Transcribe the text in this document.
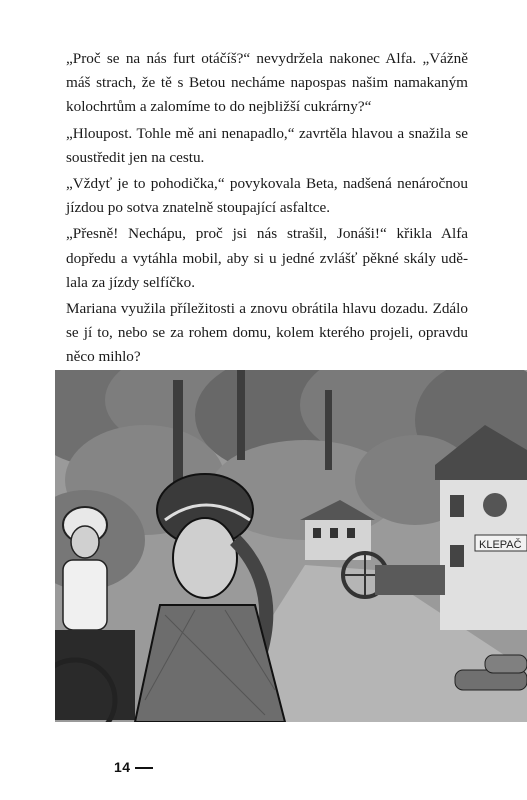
„Proč se na nás furt otáčíš?“ nevydržela nakonec Alfa. „Vážně máš strach, že tě s Betou necháme napospas našim namakaným kolochrtům a zalomíme to do nejbližší cukrárny?“

„Hloupost. Tohle mě ani nenapadlo,“ zavrtěla hlavou a snažila se soustředit jen na cestu.

„Vždyť je to pohodička,“ povykovala Beta, nadšená nenáročnou jízdou po sotva znatelně stoupající asfaltce.

„Přesně! Nechápu, proč jsi nás strašil, Jonáši!“ křikla Alfa dopředu a vytáhla mobil, aby si u jedné zvlášť pěkné skály udělala za jízdy selfíčko.

Mariana využila příležitosti a znovu obrátila hlavu dozadu. Zdálo se jí to, nebo se za rohem domu, kolem kterého projeli, opravdu něco mihlo?

KLEPAČ
14
